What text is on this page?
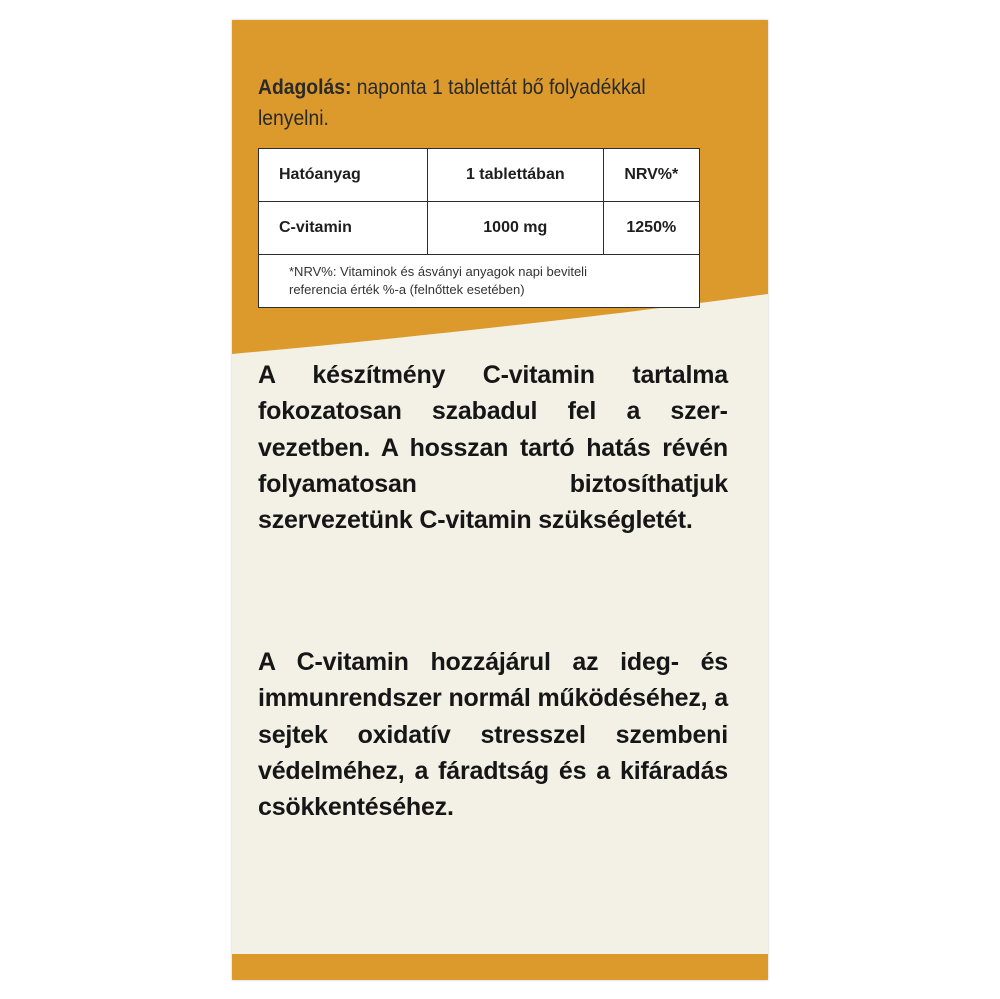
Adagolás: naponta 1 tablettát bő folyadékkal lenyelni.
Hatóanyag	1 tablettában	NRV%*
C-vitamin	1000 mg	1250%
*NRV%: Vitaminok és ásványi anyagok napi beviteli
referencia érték %-a (felnőttek esetében)
A készítmény C-vitamin tartalma fokozatosan szabadul fel a szervezetben. A hosszan tartó hatás révén folyamatosan biztosíthatjuk szervezetünk C-vitamin szükségletét.
A C-vitamin hozzájárul az ideg- és immunrendszer normál működéséhez, a sejtek oxidatív stresszel szembeni védelméhez, a fáradtság és a kifáradás csökkentéséhez.
